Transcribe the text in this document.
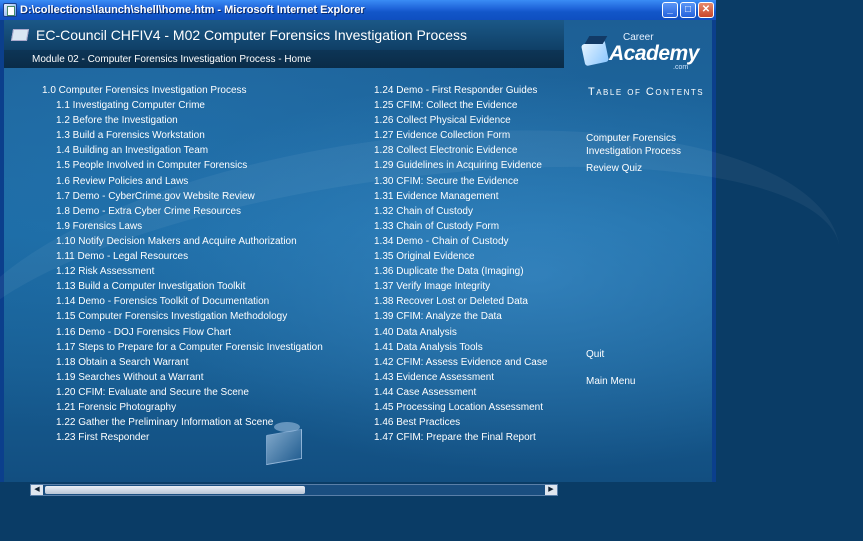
D:\collections\launch\shell\home.htm - Microsoft Internet Explorer	_	□	✕
EC-Council CHFIV4 - M02 Computer Forensics Investigation Process
Module 02 - Computer Forensics Investigation Process - Home
Career
Academy
.com
1.0 Computer Forensics Investigation Process
1.1 Investigating Computer Crime
1.2 Before the Investigation
1.3 Build a Forensics Workstation
1.4 Building an Investigation Team
1.5 People Involved in Computer Forensics
1.6 Review Policies and Laws
1.7 Demo - CyberCrime.gov Website Review
1.8 Demo - Extra Cyber Crime Resources
1.9 Forensics Laws
1.10 Notify Decision Makers and Acquire Authorization
1.11 Demo - Legal Resources
1.12 Risk Assessment
1.13 Build a Computer Investigation Toolkit
1.14 Demo - Forensics Toolkit of Documentation
1.15 Computer Forensics Investigation Methodology
1.16 Demo - DOJ Forensics Flow Chart
1.17 Steps to Prepare for a Computer Forensic Investigation
1.18 Obtain a Search Warrant
1.19 Searches Without a Warrant
1.20 CFIM: Evaluate and Secure the Scene
1.21 Forensic Photography
1.22 Gather the Preliminary Information at Scene
1.23 First Responder
1.24 Demo - First Responder Guides
1.25 CFIM: Collect the Evidence
1.26 Collect Physical Evidence
1.27 Evidence Collection Form
1.28 Collect Electronic Evidence
1.29 Guidelines in Acquiring Evidence
1.30 CFIM: Secure the Evidence
1.31 Evidence Management
1.32 Chain of Custody
1.33 Chain of Custody Form
1.34 Demo - Chain of Custody
1.35 Original Evidence
1.36 Duplicate the Data (Imaging)
1.37 Verify Image Integrity
1.38 Recover Lost or Deleted Data
1.39 CFIM: Analyze the Data
1.40 Data Analysis
1.41 Data Analysis Tools
1.42 CFIM: Assess Evidence and Case
1.43 Evidence Assessment
1.44 Case Assessment
1.45 Processing Location Assessment
1.46 Best Practices
1.47 CFIM: Prepare the Final Report
Table of Contents
Computer Forensics Investigation Process
Review Quiz
Quit
Main Menu
◀	▶
